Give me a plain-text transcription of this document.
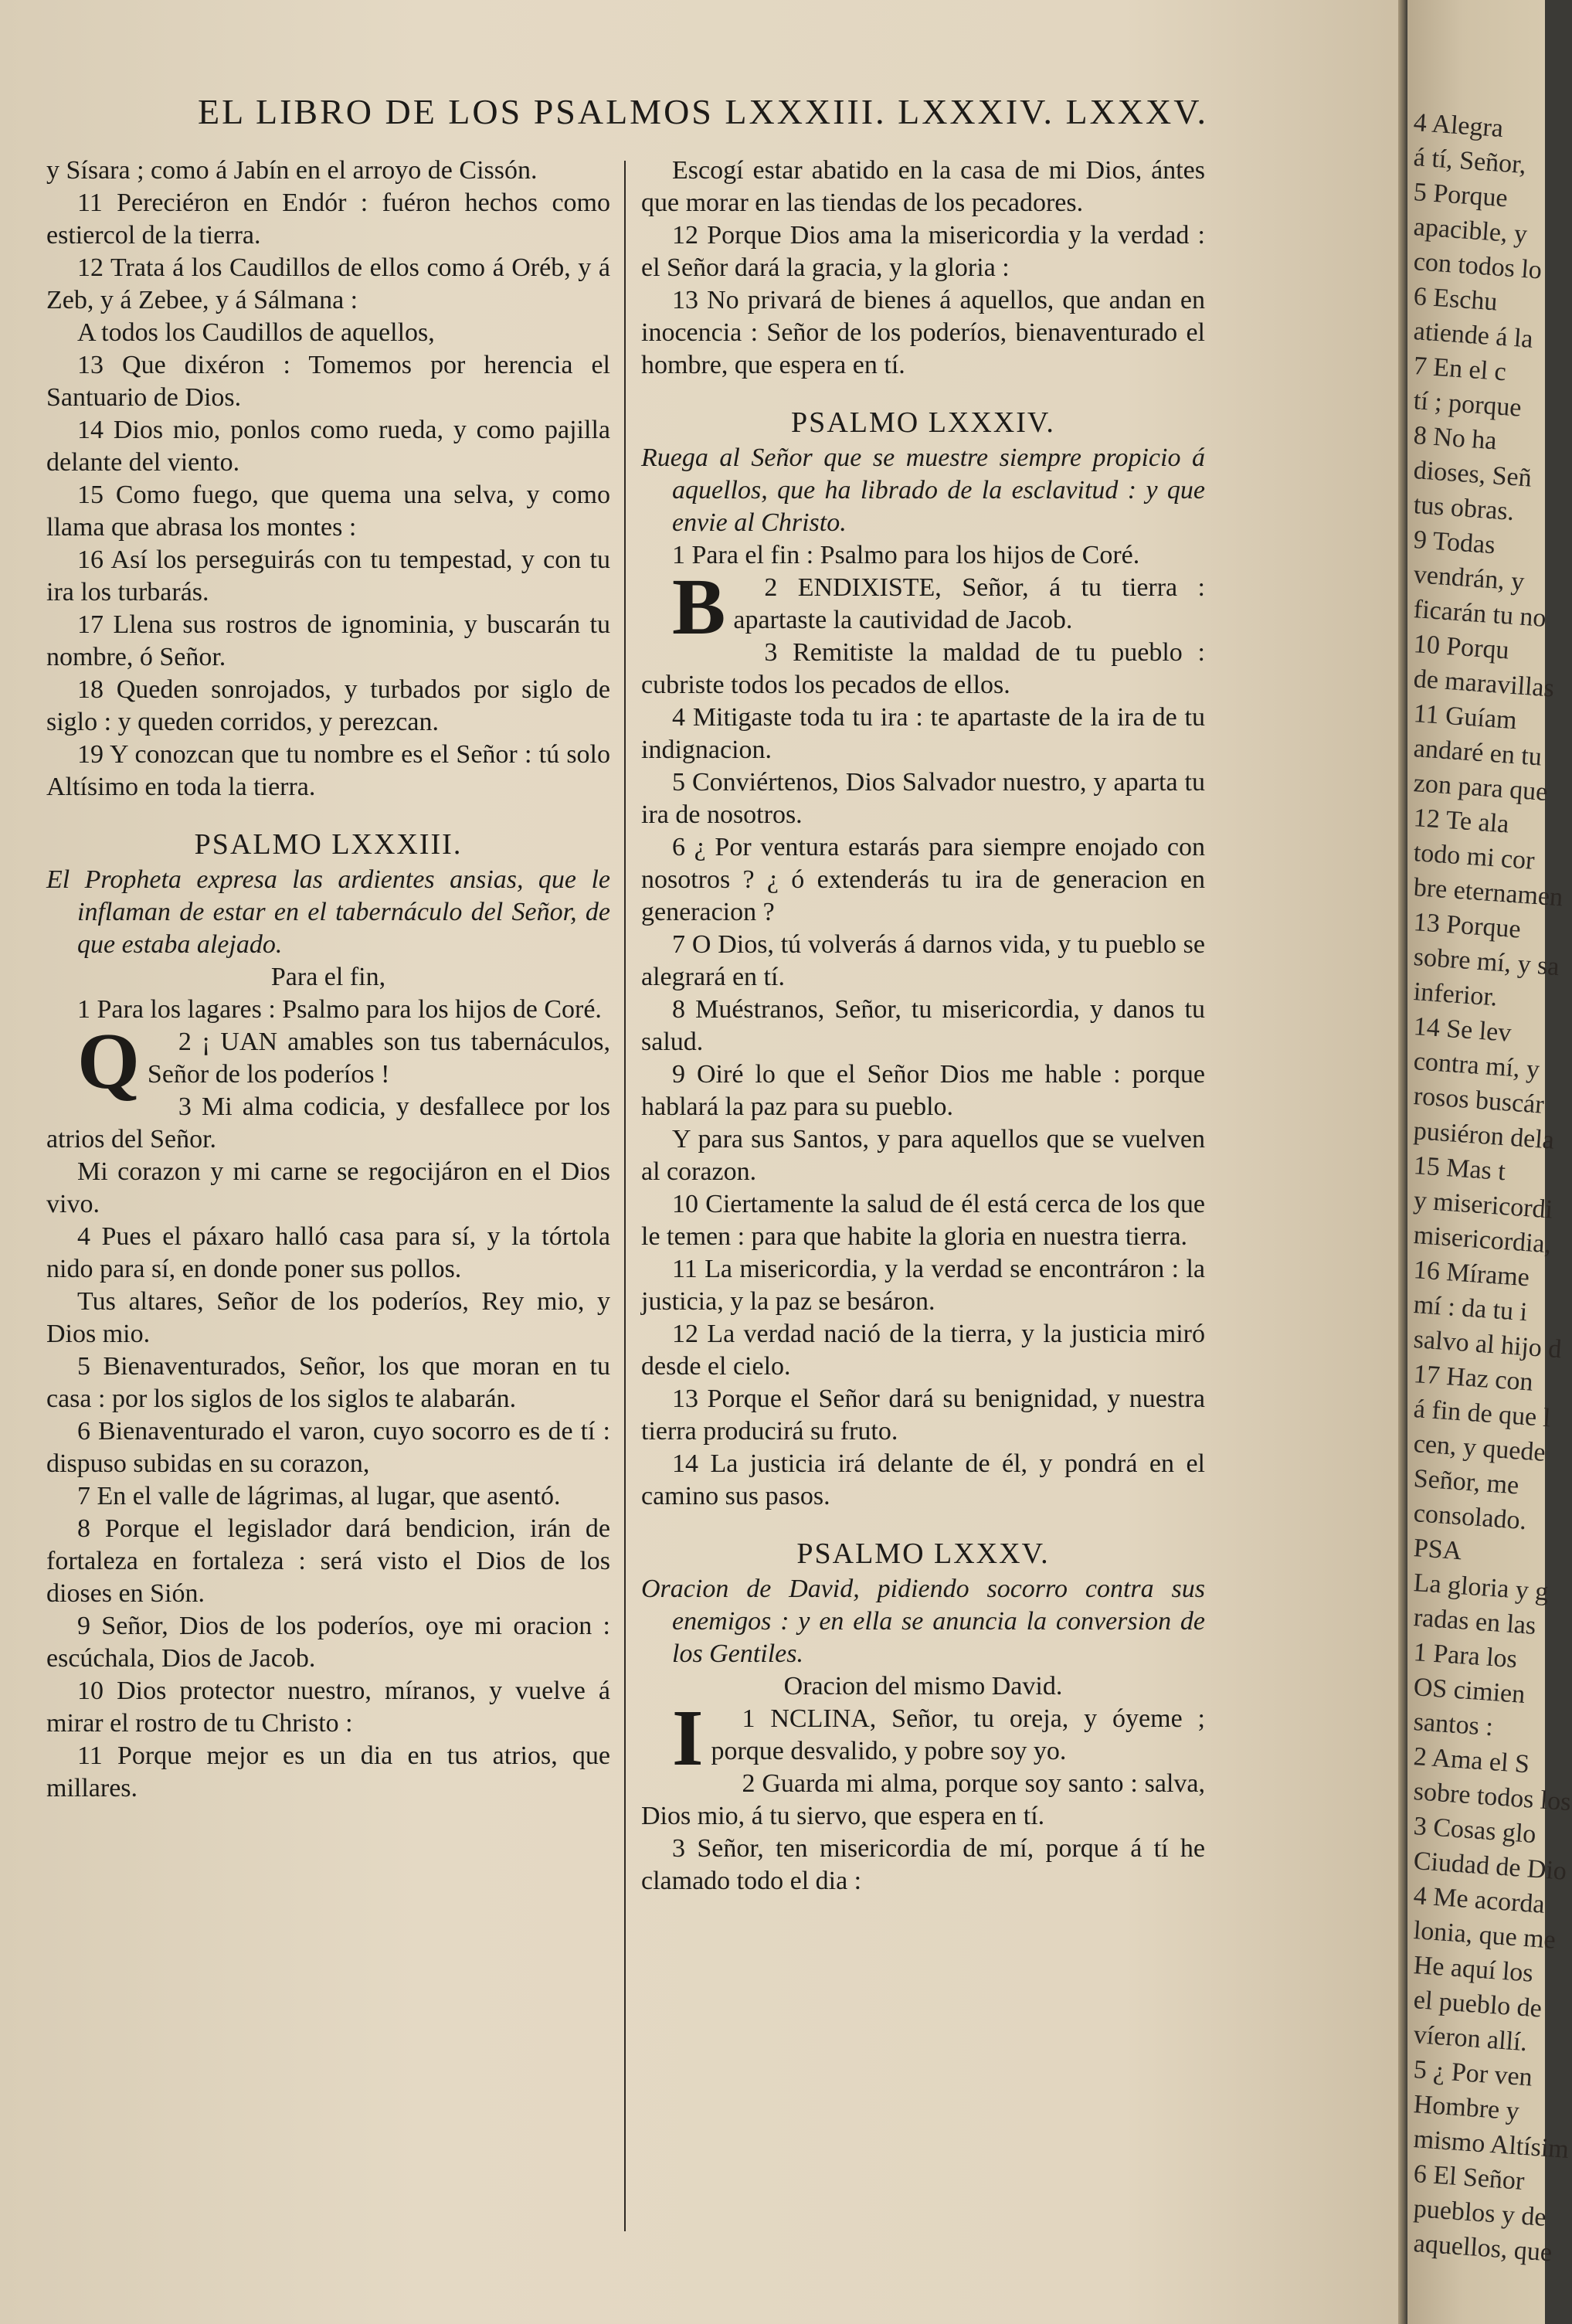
EL LIBRO DE LOS PSALMOS LXXXIII. LXXXIV. LXXXV.

y Sísara ; como á Jabín en el arroyo de Cissón.

11 Pereciéron en Endór : fuéron hechos como estiercol de la tierra.

12 Trata á los Caudillos de ellos como á Oréb, y á Zeb, y á Zebee, y á Sálmana :

A todos los Caudillos de aquellos,

13 Que dixéron : Tomemos por herencia el Santuario de Dios.

14 Dios mio, ponlos como rueda, y como pajilla delante del viento.

15 Como fuego, que quema una selva, y como llama que abrasa los montes :

16 Así los perseguirás con tu tempestad, y con tu ira los turbarás.

17 Llena sus rostros de ignominia, y buscarán tu nombre, ó Señor.

18 Queden sonrojados, y turbados por siglo de siglo : y queden corridos, y perezcan.

19 Y conozcan que tu nombre es el Señor : tú solo Altísimo en toda la tierra.

PSALMO LXXXIII.

El Propheta expresa las ardientes ansias, que le inflaman de estar en el tabernáculo del Señor, de que estaba alejado.

Para el fin,

1 Para los lagares : Psalmo para los hijos de Coré.

2 ¡
Q	UAN amables son tus tabernáculos, Señor de los poderíos !

3 Mi alma codicia, y desfallece por los atrios del Señor.

Mi corazon y mi carne se regocijáron en el Dios vivo.

4 Pues el páxaro halló casa para sí, y la tórtola nido para sí, en donde poner sus pollos.

Tus altares, Señor de los poderíos, Rey mio, y Dios mio.

5 Bienaventurados, Señor, los que moran en tu casa : por los siglos de los siglos te alabarán.

6 Bienaventurado el varon, cuyo socorro es de tí : dispuso subidas en su corazon,

7 En el valle de lágrimas, al lugar, que asentó.

8 Porque el legislador dará bendicion, irán de fortaleza en fortaleza : será visto el Dios de los dioses en Sión.

9 Señor, Dios de los poderíos, oye mi oracion : escúchala, Dios de Jacob.

10 Dios protector nuestro, míranos, y vuelve á mirar el rostro de tu Christo :

11 Porque mejor es un dia en tus atrios, que millares.

Escogí estar abatido en la casa de mi Dios, ántes que morar en las tiendas de los pecadores.

12 Porque Dios ama la misericordia y la verdad : el Señor dará la gracia, y la gloria :

13 No privará de bienes á aquellos, que andan en inocencia : Señor de los poderíos, bienaventurado el hombre, que espera en tí.

PSALMO LXXXIV.

Ruega al Señor que se muestre siempre propicio á aquellos, que ha librado de la esclavitud : y que envie al Christo.

1 Para el fin : Psalmo para los hijos de Coré.

2
B	ENDIXISTE, Señor, á tu tierra : apartaste la cautividad de Jacob.

3 Remitiste la maldad de tu pueblo : cubriste todos los pecados de ellos.

4 Mitigaste toda tu ira : te apartaste de la ira de tu indignacion.

5 Conviértenos, Dios Salvador nuestro, y aparta tu ira de nosotros.

6 ¿ Por ventura estarás para siempre enojado con nosotros ? ¿ ó extenderás tu ira de generacion en generacion ?

7 O Dios, tú volverás á darnos vida, y tu pueblo se alegrará en tí.

8 Muéstranos, Señor, tu misericordia, y danos tu salud.

9 Oiré lo que el Señor Dios me hable : porque hablará la paz para su pueblo.

Y para sus Santos, y para aquellos que se vuelven al corazon.

10 Ciertamente la salud de él está cerca de los que le temen : para que habite la gloria en nuestra tierra.

11 La misericordia, y la verdad se encontráron : la justicia, y la paz se besáron.

12 La verdad nació de la tierra, y la justicia miró desde el cielo.

13 Porque el Señor dará su benignidad, y nuestra tierra producirá su fruto.

14 La justicia irá delante de él, y pondrá en el camino sus pasos.

PSALMO LXXXV.

Oracion de David, pidiendo socorro contra sus enemigos : y en ella se anuncia la conversion de los Gentiles.

Oracion del mismo David.

1
I	NCLINA, Señor, tu oreja, y óyeme ; porque desvalido, y pobre soy yo.

2 Guarda mi alma, porque soy santo : salva, Dios mio, á tu siervo, que espera en tí.

3 Señor, ten misericordia de mí, porque á tí he clamado todo el dia :

4 Alegra
á tí, Señor,
5 Porque
apacible, y
con todos lo
6 Eschu
atiende á la
7 En el c
tí ; porque
8 No ha
dioses, Señ
tus obras.
9 Todas
vendrán, y
ficarán tu no
10 Porqu
de maravillas
11 Guíam
andaré en tu
zon para que
12 Te ala
todo mi cor
bre eternamen
13 Porque
sobre mí, y sa
inferior.
14 Se lev
contra mí, y
rosos buscár
pusiéron dela
15 Mas t
y misericordi
misericordia,
16 Mírame
mí : da tu i
salvo al hijo d
17 Haz con
á fin de que l
cen, y quede
Señor, me
consolado.
PSA
La gloria y g
radas en las
1 Para los
OS cimien
santos :
2 Ama el S
sobre todos los
3 Cosas glo
Ciudad de Dio
4 Me acorda
lonia, que me
He aquí los
el pueblo de
víeron allí.
5 ¿ Por ven
Hombre y
mismo Altísim
6 El Señor
pueblos y de
aquellos, que
